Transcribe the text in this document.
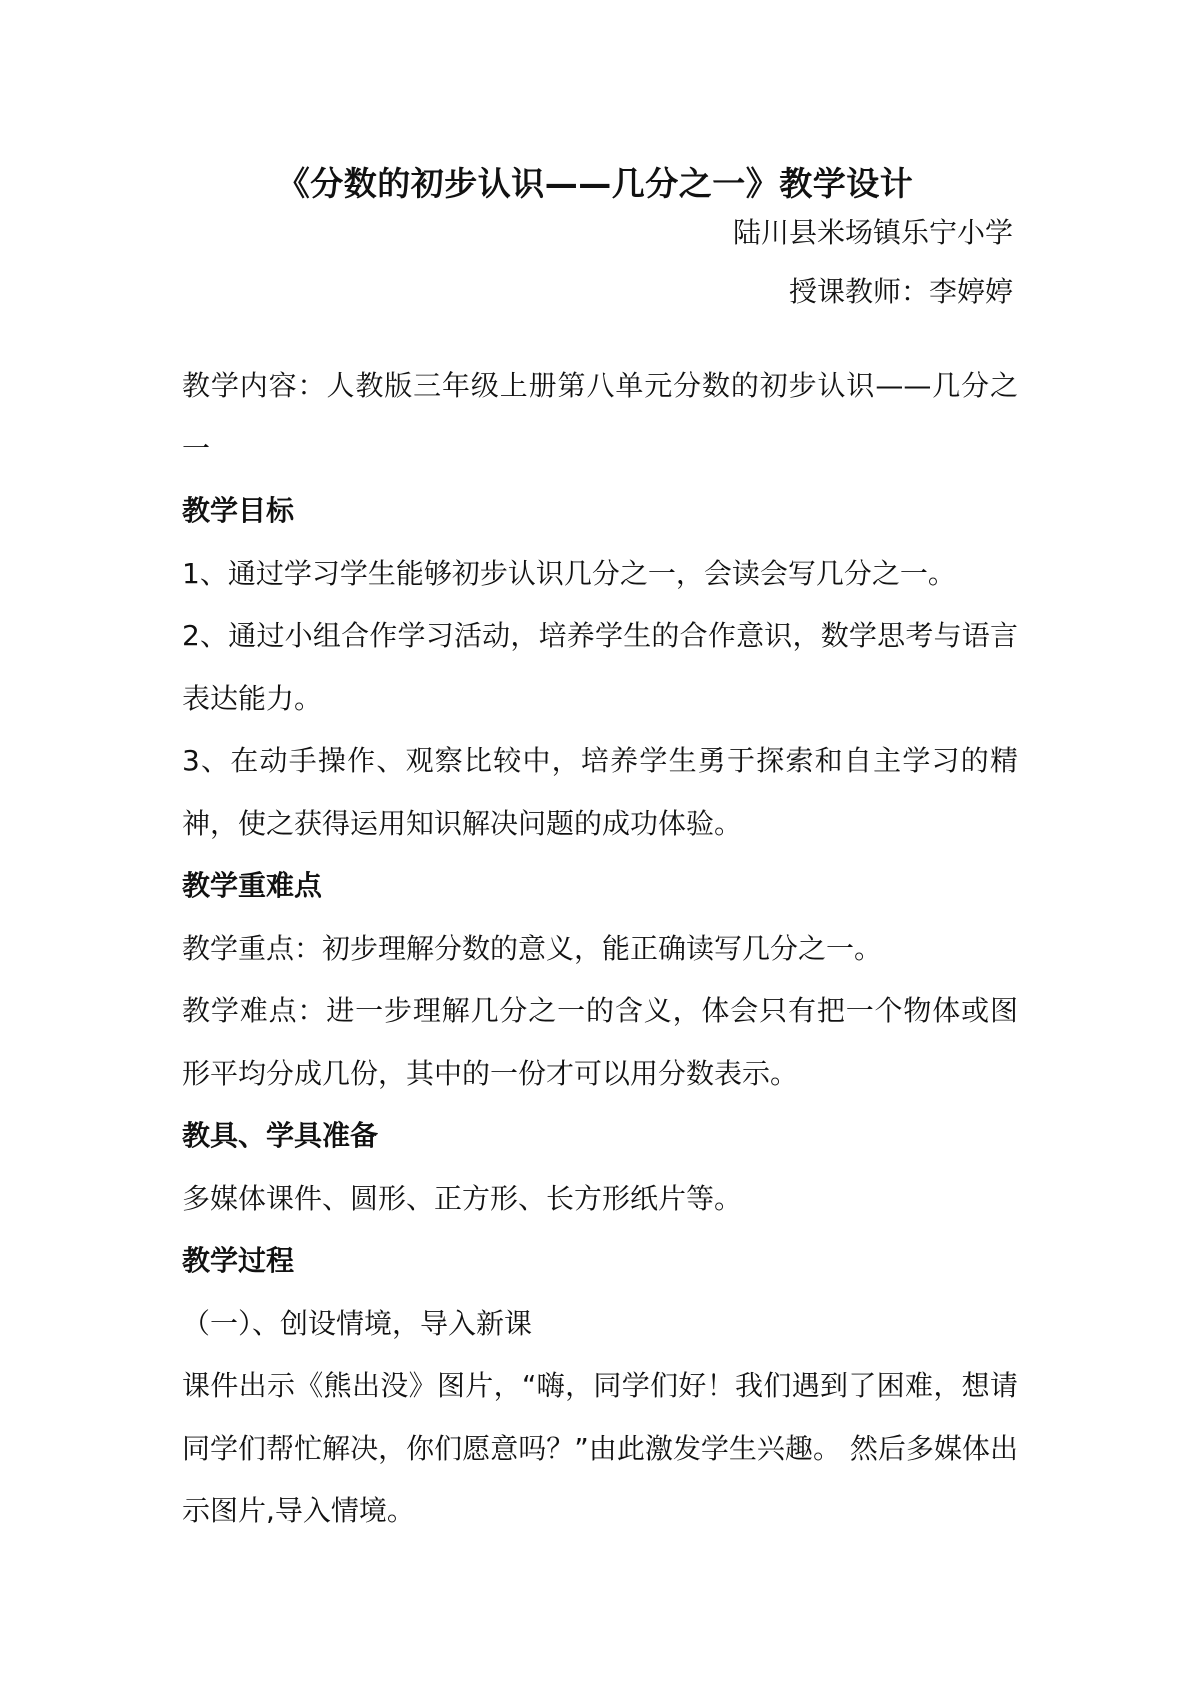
《分数的初步认识——几分之一》教学设计
陆川县米场镇乐宁小学
授课教师：李婷婷

教学内容：人教版三年级上册第八单元分数的初步认识——几分之一

教学目标

1、通过学习学生能够初步认识几分之一，会读会写几分之一。

2、通过小组合作学习活动，培养学生的合作意识，数学思考与语言表达能力。

3、在动手操作、观察比较中，培养学生勇于探索和自主学习的精神，使之获得运用知识解决问题的成功体验。

教学重难点

教学重点：初步理解分数的意义，能正确读写几分之一。

教学难点：进一步理解几分之一的含义，体会只有把一个物体或图形平均分成几份，其中的一份才可以用分数表示。

教具、学具准备

多媒体课件、圆形、正方形、长方形纸片等。

教学过程

（一）、创设情境，导入新课

课件出示《熊出没》图片，“嗨，同学们好！我们遇到了困难，想请同学们帮忙解决，你们愿意吗？”由此激发学生兴趣。 然后多媒体出示图片,导入情境。
